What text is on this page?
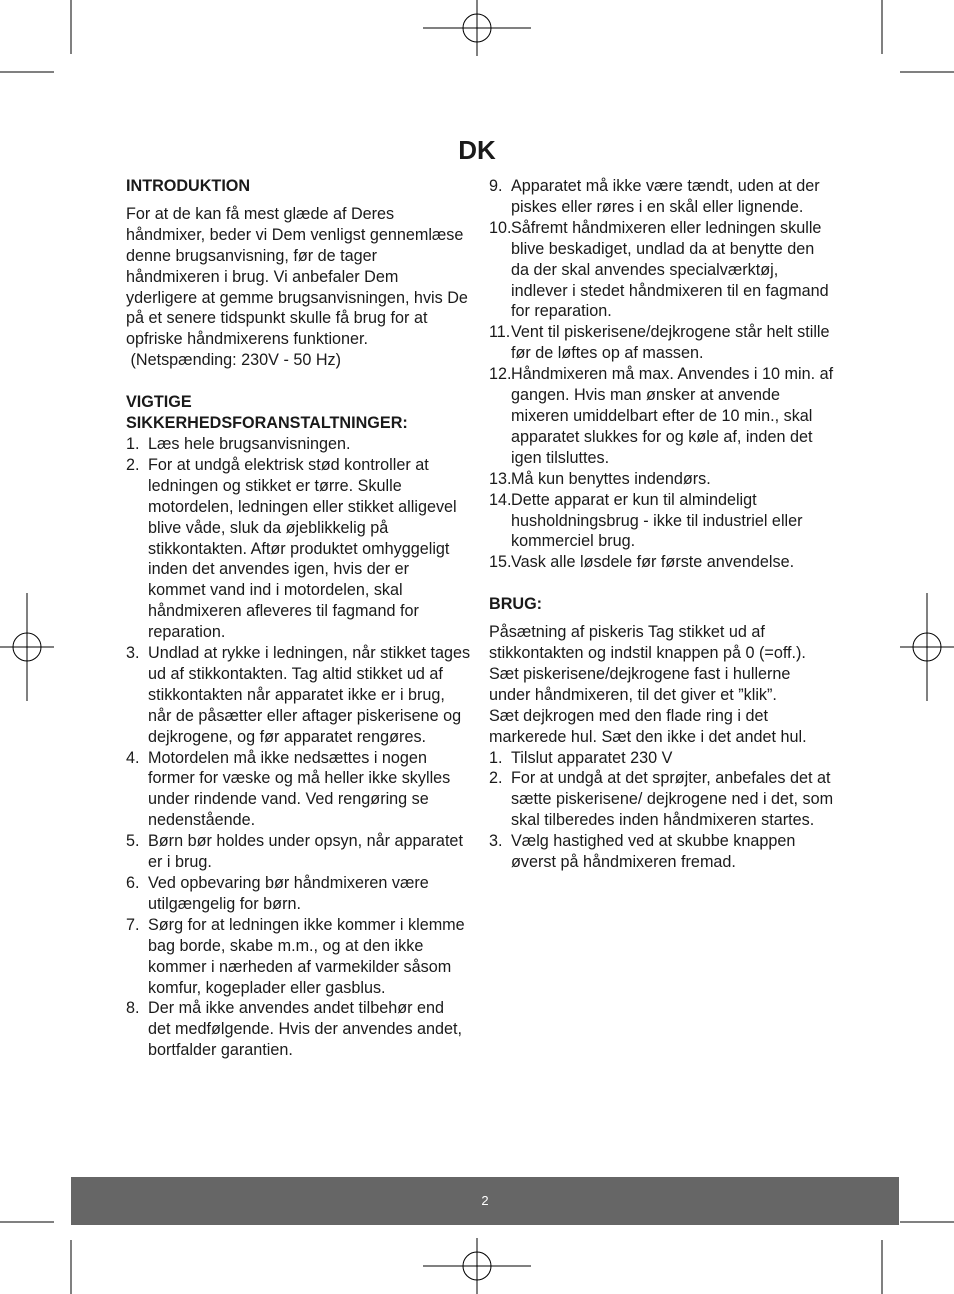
DK

INTRODUKTION

For at de kan få mest glæde af Deres håndmixer, beder vi Dem venligst gennemlæse denne brugsanvisning, før de tager håndmixeren i brug. Vi anbefaler Dem yderligere at gemme brugsanvisningen, hvis De på et senere tidspunkt skulle få brug for at opfriske håndmixerens funktioner.

(Netspænding: 230V - 50 Hz)

VIGTIGE

SIKKERHEDSFORANSTALTNINGER:

1. Læs hele brugsanvisningen.
2. For at undgå elektrisk stød kontroller at ledningen og stikket er tørre. Skulle motordelen, ledningen eller stikket alligevel blive våde, sluk da øjeblikkelig på stikkontakten. Aftør produktet omhyggeligt inden det anvendes igen, hvis der er kommet vand ind i motordelen, skal håndmixeren afleveres til fagmand for reparation.
3. Undlad at rykke i ledningen, når stikket tages ud af stikkontakten. Tag altid stikket ud af stikkontakten når apparatet ikke er i brug, når de påsætter eller aftager piskerisene og dejkrogene, og før apparatet rengøres.
4. Motordelen må ikke nedsættes i nogen former for væske og må heller ikke skylles under rindende vand. Ved rengøring se nedenstående.
5. Børn bør holdes under opsyn, når apparatet er i brug.
6. Ved opbevaring bør håndmixeren være utilgængelig for børn.
7. Sørg for at ledningen ikke kommer i klemme bag borde, skabe m.m., og at den ikke kommer i nærheden af varmekilder såsom komfur, kogeplader eller gasblus.
8. Der må ikke anvendes andet tilbehør end det medfølgende. Hvis der anvendes andet, bortfalder garantien.
9. Apparatet må ikke være tændt, uden at der piskes eller røres i en skål eller lignende.
10. Såfremt håndmixeren eller ledningen skulle blive beskadiget, undlad da at benytte den da der skal anvendes specialværktøj, indlever i stedet håndmixeren til en fagmand for reparation.
11. Vent til piskerisene/dejkrogene står helt stille før de løftes op af massen.
12. Håndmixeren må max. Anvendes i 10 min. af gangen. Hvis man ønsker at anvende mixeren umiddelbart efter de 10 min., skal apparatet slukkes for og køle af, inden det igen tilsluttes.
13. Må kun benyttes indendørs.
14. Dette apparat er kun til almindeligt husholdningsbrug - ikke til industriel eller kommerciel brug.
15. Vask alle løsdele før første anvendelse.

BRUG:

Påsætning af piskeris Tag stikket ud af stikkontakten og indstil knappen på 0 (=off.). Sæt piskerisene/dejkrogene fast i hullerne under håndmixeren, til det giver et ”klik”.

Sæt dejkrogen med den flade ring i det markerede hul. Sæt den ikke i det andet hul.

1. Tilslut apparatet 230 V
2. For at undgå at det sprøjter, anbefales det at sætte piskerisene/ dejkrogene ned i det, som skal tilberedes inden håndmixeren startes.
3. Vælg hastighed ved at skubbe knappen øverst på håndmixeren fremad.
2
